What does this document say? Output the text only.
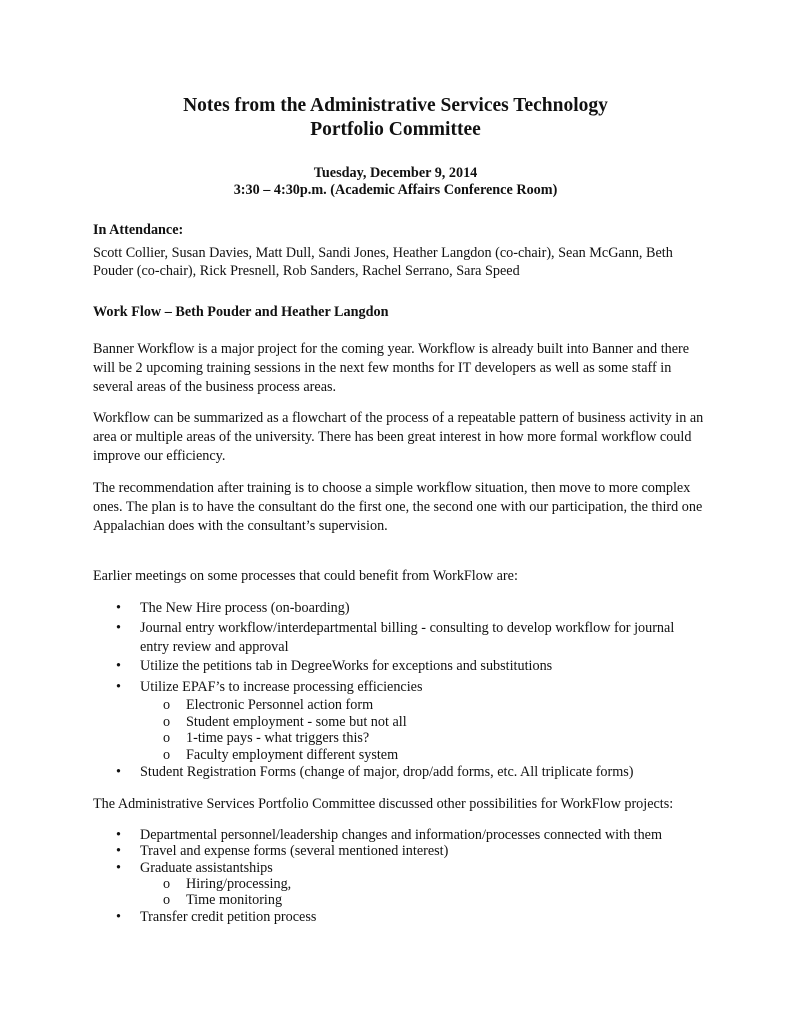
Notes from the Administrative Services Technology
Portfolio Committee
Tuesday, December 9, 2014
3:30 – 4:30p.m. (Academic Affairs Conference Room)
In Attendance:
Scott Collier, Susan Davies, Matt Dull, Sandi Jones, Heather Langdon (co-chair), Sean McGann, Beth
Pouder (co-chair), Rick Presnell, Rob Sanders, Rachel Serrano, Sara Speed
Work Flow – Beth Pouder and Heather Langdon
Banner Workflow is a major project for the coming year. Workflow is already built into Banner and there will be 2 upcoming training sessions in the next few months for IT developers as well as some staff in several areas of the business process areas.
Workflow can be summarized as a flowchart of the process of a repeatable pattern of business activity in an area or multiple areas of the university. There has been great interest in how more formal workflow could improve our efficiency.
The recommendation after training is to choose a simple workflow situation, then move to more complex ones. The plan is to have the consultant do the first one, the second one with our participation, the third one Appalachian does with the consultant’s supervision.
Earlier meetings on some processes that could benefit from WorkFlow are:
• The New Hire process (on-boarding)
• Journal entry workflow/interdepartmental billing - consulting to develop workflow for journal
entry review and approval
• Utilize the petitions tab in DegreeWorks for exceptions and substitutions
• Utilize EPAF’s to increase processing efficiencies
o Electronic Personnel action form
o Student employment - some but not all
o 1-time pays - what triggers this?
o Faculty employment different system
• Student Registration Forms (change of major, drop/add forms, etc. All triplicate forms)
The Administrative Services Portfolio Committee discussed other possibilities for WorkFlow projects:
• Departmental personnel/leadership changes and information/processes connected with them
• Travel and expense forms (several mentioned interest)
• Graduate assistantships
o Hiring/processing,
o Time monitoring
• Transfer credit petition process
